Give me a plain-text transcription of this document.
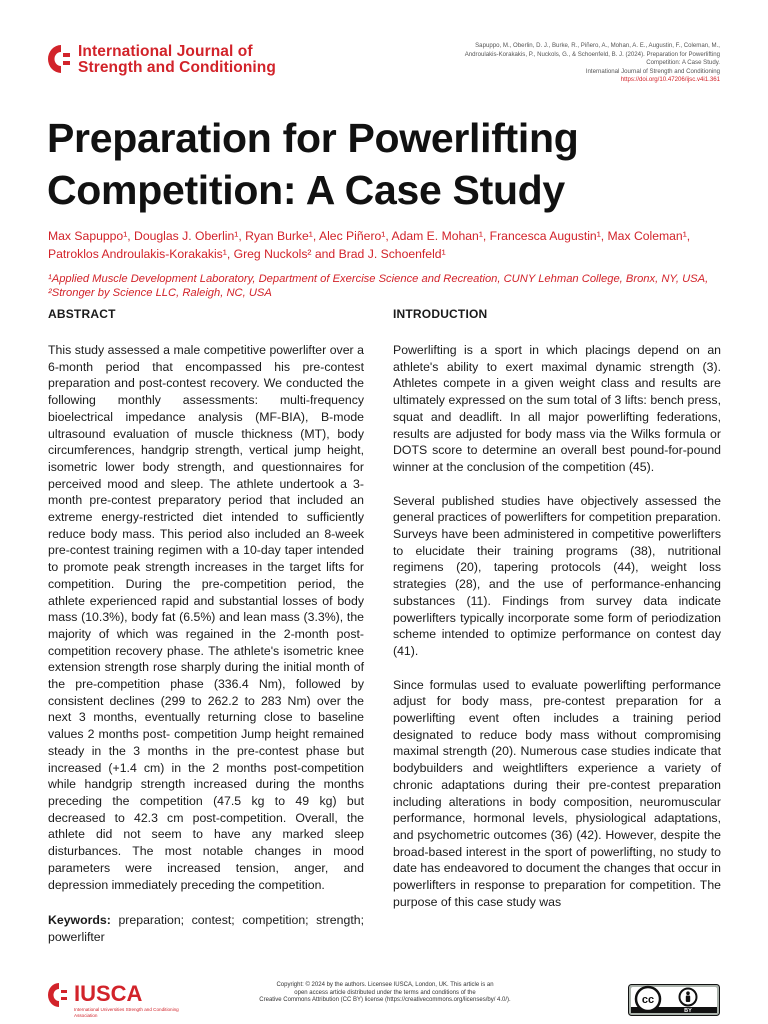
International Journal of
Strength and Conditioning
Sapuppo, M., Oberlin, D. J., Burke, R., Piñero, A., Mohan, A. E., Augustin, F., Coleman, M.,
Androulakis-Korakakis, P., Nuckols, G., & Schoenfeld, B. J. (2024). Preparation for Powerlifting
Competition: A Case Study.
International Journal of Strength and Conditioning
https://doi.org/10.47206/ijsc.v4i1.361
Preparation for Powerlifting Competition: A Case Study

Max Sapuppo¹, Douglas J. Oberlin¹, Ryan Burke¹, Alec Piñero¹, Adam E. Mohan¹, Francesca Augustin¹, Max Coleman¹, Patroklos Androulakis-Korakakis¹, Greg Nuckols² and Brad J. Schoenfeld¹

¹Applied Muscle Development Laboratory, Department of Exercise Science and Recreation, CUNY Lehman College, Bronx, NY, USA, ²Stronger by Science LLC, Raleigh, NC, USA

ABSTRACT

This study assessed a male competitive powerlifter over a 6-month period that encompassed his pre-contest preparation and post-contest recovery. We conducted the following monthly assessments: multi-frequency bioelectrical impedance analysis (MF-BIA), B-mode ultrasound evaluation of muscle thickness (MT), body circumferences, handgrip strength, vertical jump height, isometric lower body strength, and questionnaires for perceived mood and sleep. The athlete undertook a 3-month pre-contest preparatory period that included an extreme energy-restricted diet intended to sufficiently reduce body mass. This period also included an 8-week pre-contest training regimen with a 10-day taper intended to promote peak strength increases in the target lifts for competition. During the pre-competition period, the athlete experienced rapid and substantial losses of body mass (10.3%), body fat (6.5%) and lean mass (3.3%), the majority of which was regained in the 2-month post-competition recovery phase. The athlete's isometric knee extension strength rose sharply during the initial month of the pre-competition phase (336.4 Nm), followed by consistent declines (299 to 262.2 to 283 Nm) over the next 3 months, eventually returning close to baseline values 2 months post- competition Jump height remained steady in the 3 months in the pre-contest phase but increased (+1.4 cm) in the 2 months post-competition while handgrip strength increased during the months preceding the competition (47.5 kg to 49 kg) but decreased to 42.3 cm post-competition. Overall, the athlete did not seem to have any marked sleep disturbances. The most notable changes in mood parameters were increased tension, anger, and depression immediately preceding the competition.

Keywords: preparation; contest; competition; strength; powerlifter

INTRODUCTION

Powerlifting is a sport in which placings depend on an athlete's ability to exert maximal dynamic strength (3). Athletes compete in a given weight class and results are ultimately expressed on the sum total of 3 lifts: bench press, squat and deadlift. In all major powerlifting federations, results are adjusted for body mass via the Wilks formula or DOTS score to determine an overall best pound-for-pound winner at the conclusion of the competition (45).

Several published studies have objectively assessed the general practices of powerlifters for competition preparation. Surveys have been administered in competitive powerlifters to elucidate their training programs (38), nutritional regimens (20), tapering protocols (44), weight loss strategies (28), and the use of performance-enhancing substances (11). Findings from survey data indicate powerlifters typically incorporate some form of periodization scheme intended to optimize performance on contest day (41).

Since formulas used to evaluate powerlifting performance adjust for body mass, pre-contest preparation for a powerlifting event often includes a training period designated to reduce body mass without compromising maximal strength (20). Numerous case studies indicate that bodybuilders and weightlifters experience a variety of chronic adaptations during their pre-contest preparation including alterations in body composition, neuromuscular performance, hormonal levels, physiological adaptations, and psychometric outcomes (36) (42). However, despite the broad-based interest in the sport of powerlifting, no study to date has endeavored to document the changes that occur in powerlifters in response to preparation for competition. The purpose of this case study was

IUSCA
International Universities Strength and Conditioning Association
Copyright: © 2024 by the authors. Licensee IUSCA, London, UK. This article is an
open access article distributed under the terms and conditions of the
Creative Commons Attribution (CC BY) license (https://creativecommons.org/licenses/by/ 4.0/).	cc
BY
